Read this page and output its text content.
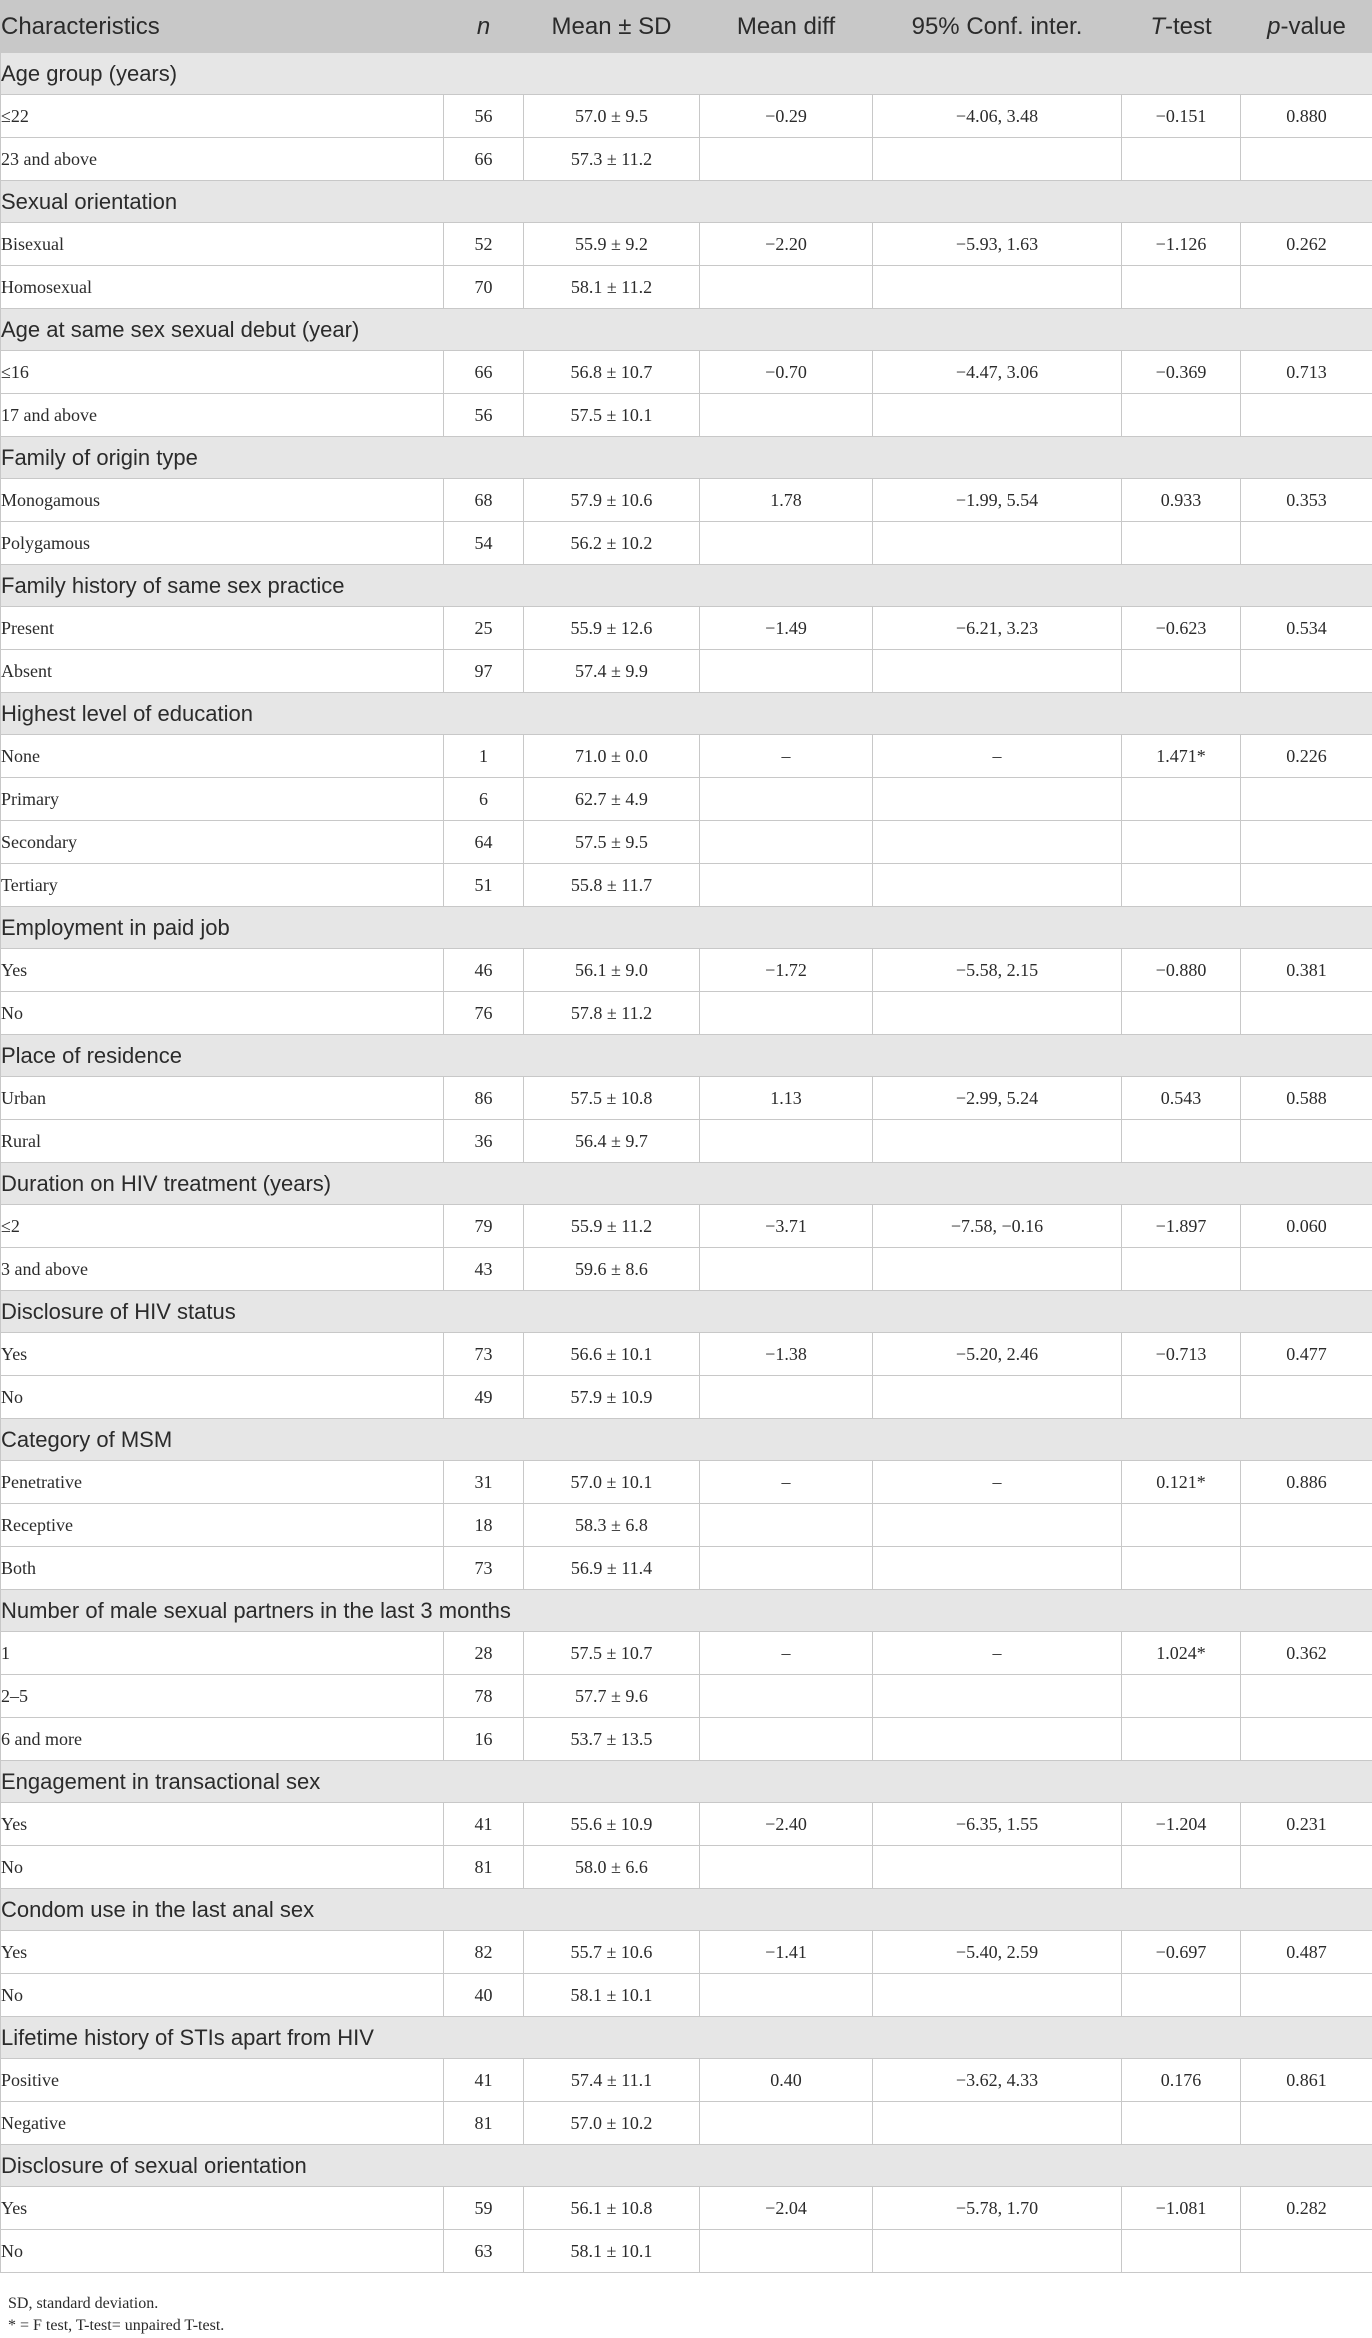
Characteristics	n	Mean ± SD	Mean diff	95% Conf. inter.	T-test	p-value
Age group (years)						
≤22	56	57.0 ± 9.5	−0.29	−4.06, 3.48	−0.151	0.880
23 and above	66	57.3 ± 11.2				
Sexual orientation						
Bisexual	52	55.9 ± 9.2	−2.20	−5.93, 1.63	−1.126	0.262
Homosexual	70	58.1 ± 11.2				
Age at same sex sexual debut (year)						
≤16	66	56.8 ± 10.7	−0.70	−4.47, 3.06	−0.369	0.713
17 and above	56	57.5 ± 10.1				
Family of origin type						
Monogamous	68	57.9 ± 10.6	1.78	−1.99, 5.54	0.933	0.353
Polygamous	54	56.2 ± 10.2				
Family history of same sex practice						
Present	25	55.9 ± 12.6	−1.49	−6.21, 3.23	−0.623	0.534
Absent	97	57.4 ± 9.9				
Highest level of education						
None	1	71.0 ± 0.0	–	–	1.471*	0.226
Primary	6	62.7 ± 4.9				
Secondary	64	57.5 ± 9.5				
Tertiary	51	55.8 ± 11.7				
Employment in paid job						
Yes	46	56.1 ± 9.0	−1.72	−5.58, 2.15	−0.880	0.381
No	76	57.8 ± 11.2				
Place of residence						
Urban	86	57.5 ± 10.8	1.13	−2.99, 5.24	0.543	0.588
Rural	36	56.4 ± 9.7				
Duration on HIV treatment (years)						
≤2	79	55.9 ± 11.2	−3.71	−7.58, −0.16	−1.897	0.060
3 and above	43	59.6 ± 8.6				
Disclosure of HIV status						
Yes	73	56.6 ± 10.1	−1.38	−5.20, 2.46	−0.713	0.477
No	49	57.9 ± 10.9				
Category of MSM						
Penetrative	31	57.0 ± 10.1	–	–	0.121*	0.886
Receptive	18	58.3 ± 6.8				
Both	73	56.9 ± 11.4				
Number of male sexual partners in the last 3 months						
1	28	57.5 ± 10.7	–	–	1.024*	0.362
2–5	78	57.7 ± 9.6				
6 and more	16	53.7 ± 13.5				
Engagement in transactional sex						
Yes	41	55.6 ± 10.9	−2.40	−6.35, 1.55	−1.204	0.231
No	81	58.0 ± 6.6				
Condom use in the last anal sex						
Yes	82	55.7 ± 10.6	−1.41	−5.40, 2.59	−0.697	0.487
No	40	58.1 ± 10.1				
Lifetime history of STIs apart from HIV						
Positive	41	57.4 ± 11.1	0.40	−3.62, 4.33	0.176	0.861
Negative	81	57.0 ± 10.2				
Disclosure of sexual orientation						
Yes	59	56.1 ± 10.8	−2.04	−5.78, 1.70	−1.081	0.282
No	63	58.1 ± 10.1				
SD, standard deviation.
* = F test, T-test= unpaired T-test.
